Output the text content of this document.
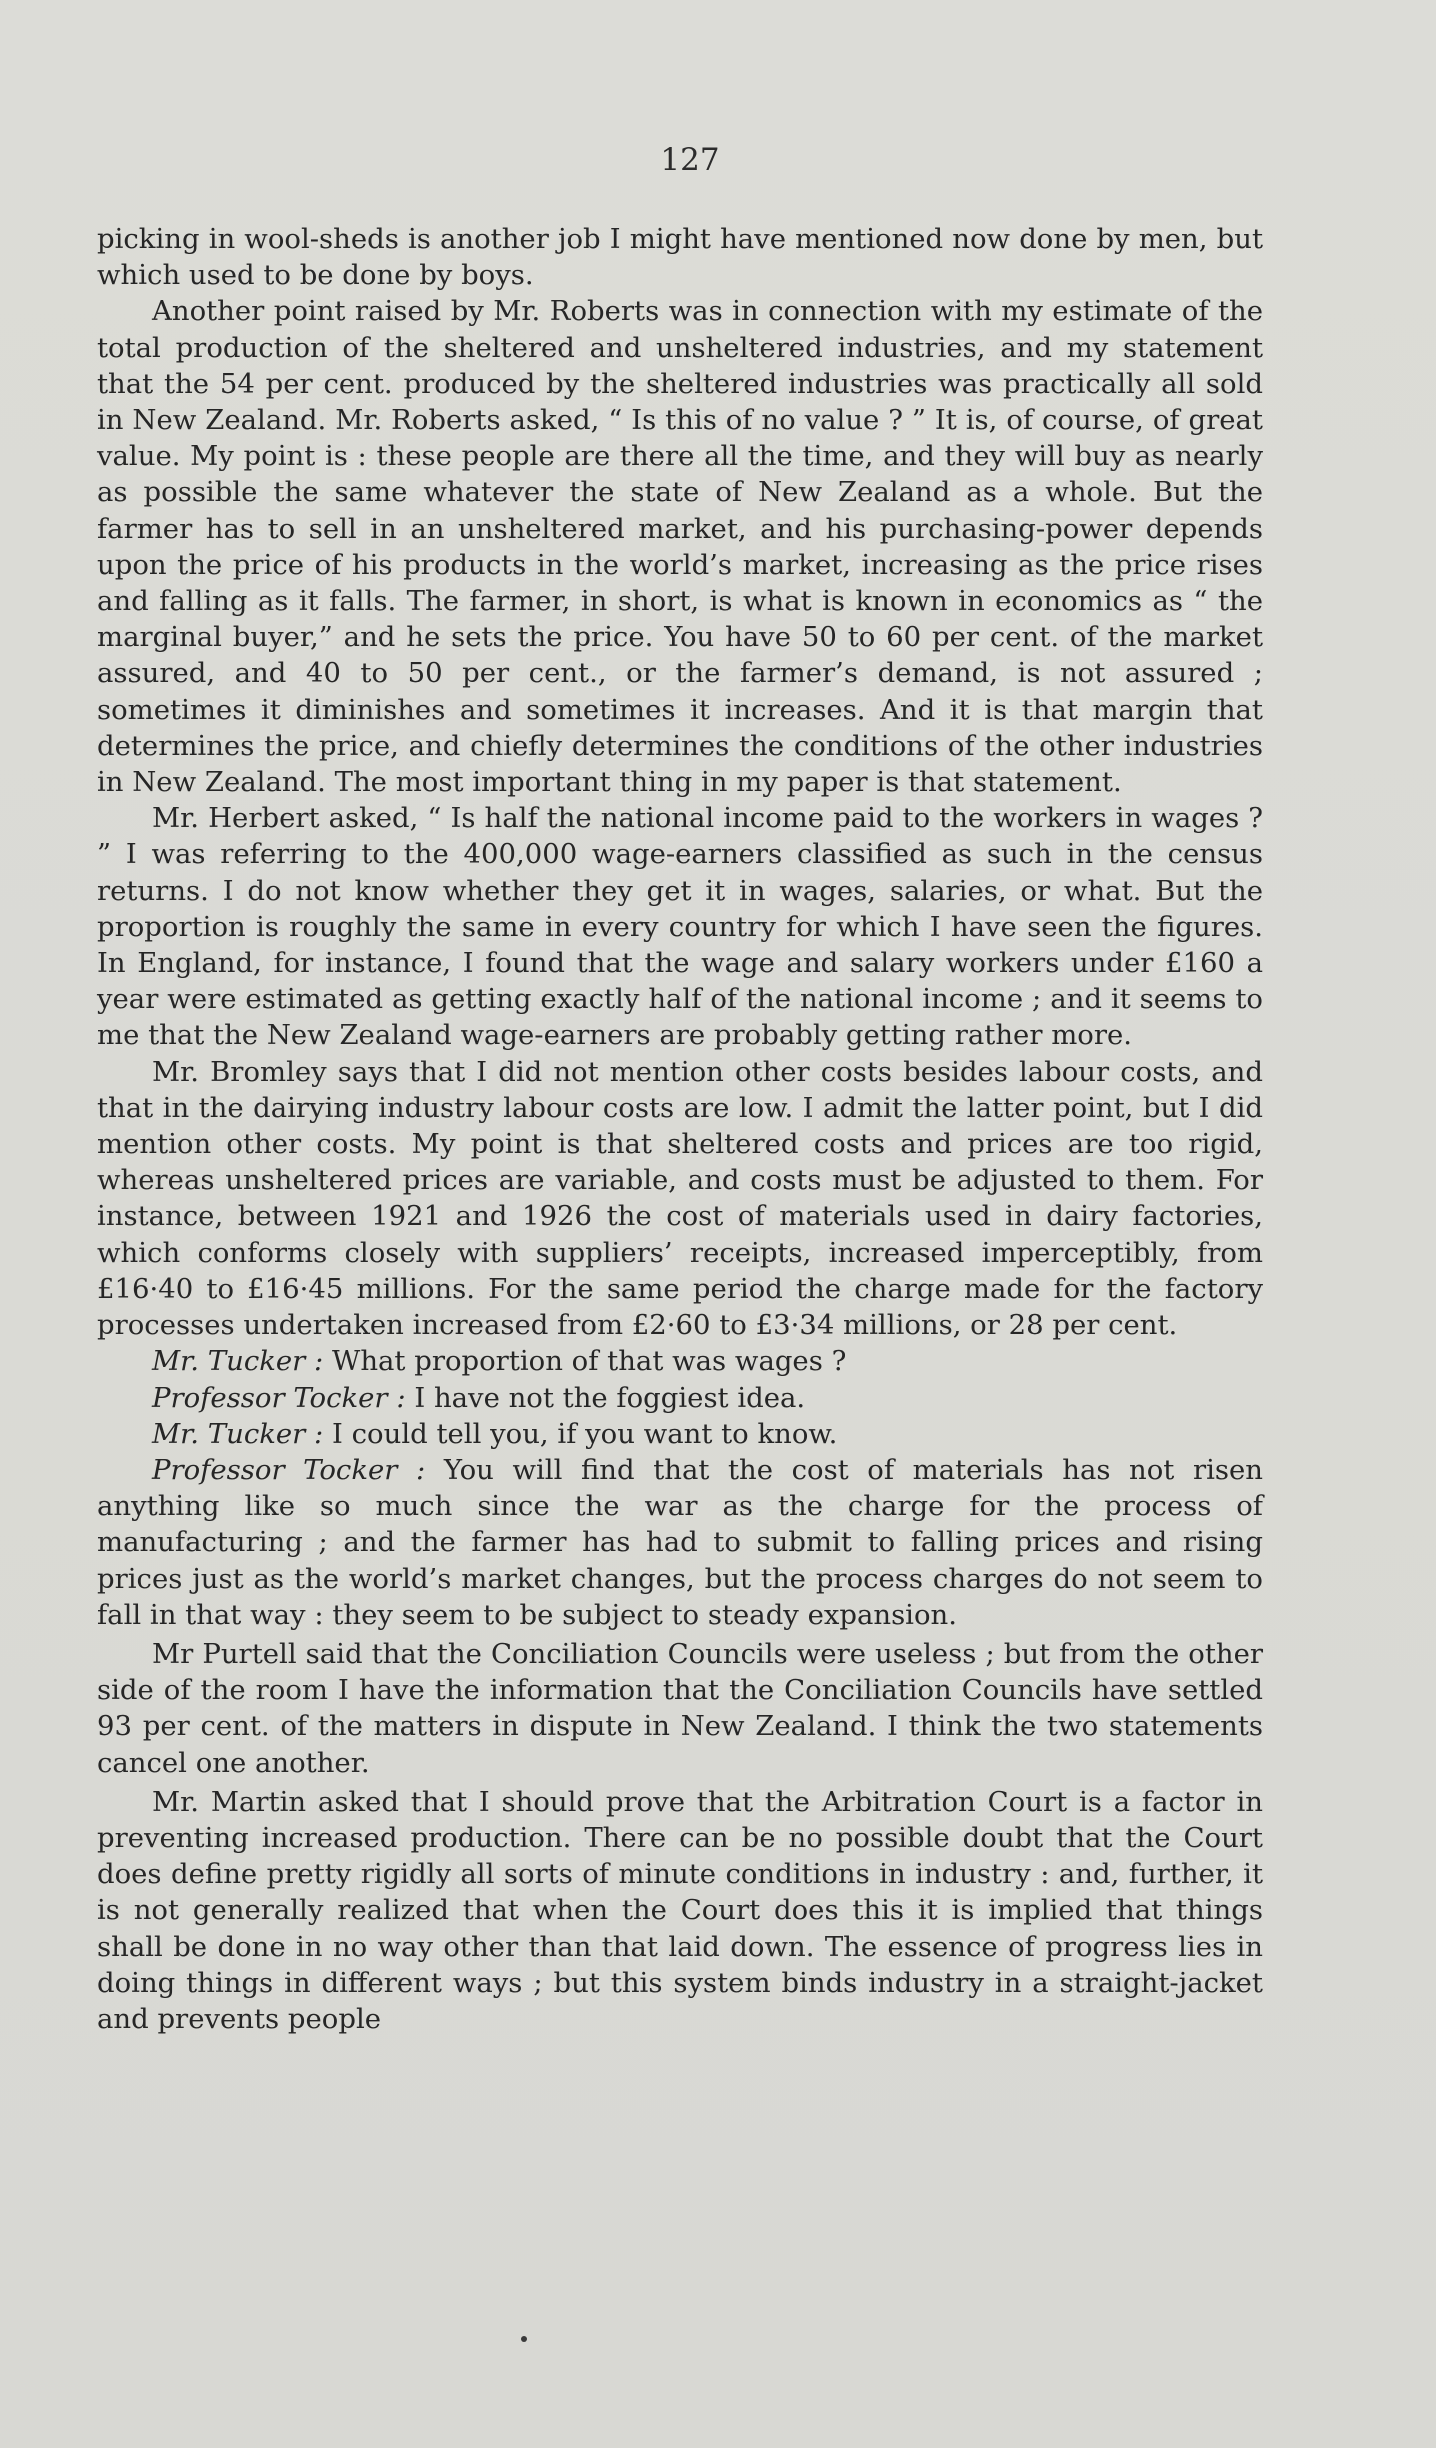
127

picking in wool-sheds is another job I might have mentioned now done by men, but which used to be done by boys.

Another point raised by Mr. Roberts was in connection with my estimate of the total production of the sheltered and unsheltered industries, and my statement that the 54 per cent. produced by the sheltered industries was practically all sold in New Zealand. Mr. Roberts asked, “ Is this of no value ? ” It is, of course, of great value. My point is : these people are there all the time, and they will buy as nearly as possible the same whatever the state of New Zealand as a whole. But the farmer has to sell in an unsheltered market, and his purchasing-power depends upon the price of his products in the world’s market, increasing as the price rises and falling as it falls. The farmer, in short, is what is known in economics as “ the marginal buyer,” and he sets the price. You have 50 to 60 per cent. of the market assured, and 40 to 50 per cent., or the farmer’s demand, is not assured ; sometimes it diminishes and sometimes it increases. And it is that margin that determines the price, and chiefly determines the conditions of the other industries in New Zealand. The most important thing in my paper is that statement.

Mr. Herbert asked, “ Is half the national income paid to the workers in wages ? ” I was referring to the 400,000 wage-earners classified as such in the census returns. I do not know whether they get it in wages, salaries, or what. But the proportion is roughly the same in every country for which I have seen the figures. In England, for instance, I found that the wage and salary workers under £160 a year were estimated as getting exactly half of the national income ; and it seems to me that the New Zealand wage-earners are probably getting rather more.

Mr. Bromley says that I did not mention other costs besides labour costs, and that in the dairying industry labour costs are low. I admit the latter point, but I did mention other costs. My point is that sheltered costs and prices are too rigid, whereas unsheltered prices are variable, and costs must be adjusted to them. For instance, between 1921 and 1926 the cost of materials used in dairy factories, which conforms closely with suppliers’ receipts, increased imperceptibly, from £16·40 to £16·45 millions. For the same period the charge made for the factory processes undertaken increased from £2·60 to £3·34 millions, or 28 per cent.

Mr. Tucker : What proportion of that was wages ?

Professor Tocker : I have not the foggiest idea.

Mr. Tucker : I could tell you, if you want to know.

Professor Tocker : You will find that the cost of materials has not risen anything like so much since the war as the charge for the process of manufacturing ; and the farmer has had to submit to falling prices and rising prices just as the world’s market changes, but the process charges do not seem to fall in that way : they seem to be subject to steady expansion.

Mr Purtell said that the Conciliation Councils were useless ; but from the other side of the room I have the information that the Conciliation Councils have settled 93 per cent. of the matters in dispute in New Zealand. I think the two statements cancel one another.

Mr. Martin asked that I should prove that the Arbitration Court is a factor in preventing increased production. There can be no possible doubt that the Court does define pretty rigidly all sorts of minute conditions in industry : and, further, it is not generally realized that when the Court does this it is implied that things shall be done in no way other than that laid down. The essence of progress lies in doing things in different ways ; but this system binds industry in a straight-jacket and prevents people
